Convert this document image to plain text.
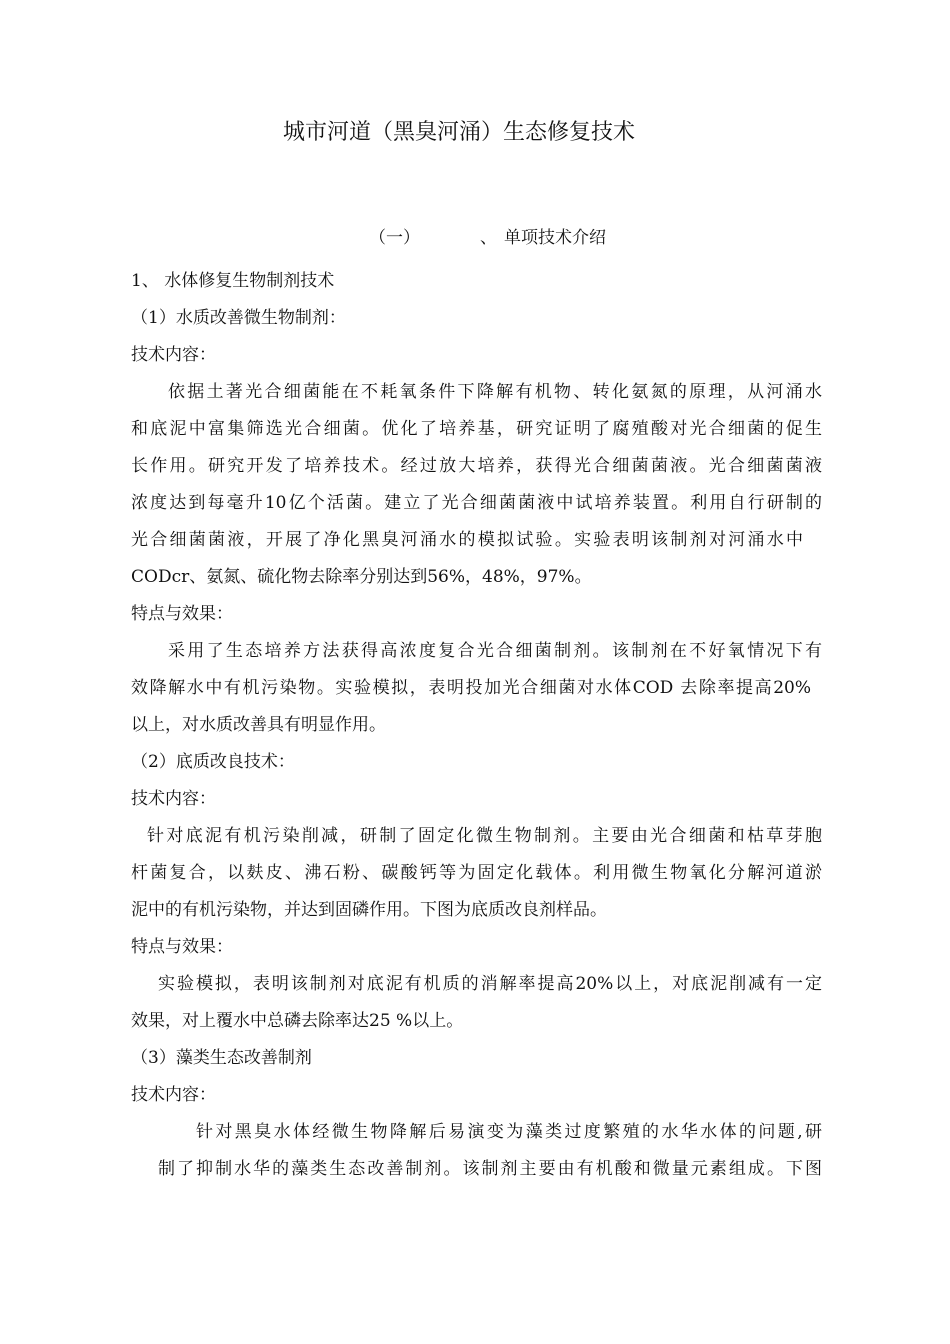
城市河道（黑臭河涌）生态修复技术
（一）	、 单项技术介绍
1、 水体修复生物制剂技术
（1）水质改善微生物制剂：
技术内容：
依据土著光合细菌能在不耗氧条件下降解有机物、转化氨氮的原理，从河涌水
和底泥中富集筛选光合细菌。优化了培养基，研究证明了腐殖酸对光合细菌的促生
长作用。研究开发了培养技术。经过放大培养，获得光合细菌菌液。光合细菌菌液
浓度达到每毫升10亿个活菌。建立了光合细菌菌液中试培养装置。利用自行研制的
光合细菌菌液，开展了净化黑臭河涌水的模拟试验。实验表明该制剂对河涌水中
CODcr、氨氮、硫化物去除率分别达到56%，48%，97%。
特点与效果：
采用了生态培养方法获得高浓度复合光合细菌制剂。该制剂在不好氧情况下有
效降解水中有机污染物。实验模拟，表明投加光合细菌对水体COD 去除率提高20%
以上，对水质改善具有明显作用。
（2）底质改良技术：
技术内容：
针对底泥有机污染削减，研制了固定化微生物制剂。主要由光合细菌和枯草芽胞
杆菌复合，以麸皮、沸石粉、碳酸钙等为固定化载体。利用微生物氧化分解河道淤
泥中的有机污染物，并达到固磷作用。下图为底质改良剂样品。
特点与效果：
实验模拟，表明该制剂对底泥有机质的消解率提高20%以上，对底泥削减有一定
效果，对上覆水中总磷去除率达25 %以上。
（3）藻类生态改善制剂
技术内容：
针对黑臭水体经微生物降解后易演变为藻类过度繁殖的水华水体的问题,研
制了抑制水华的藻类生态改善制剂。该制剂主要由有机酸和微量元素组成。下图
